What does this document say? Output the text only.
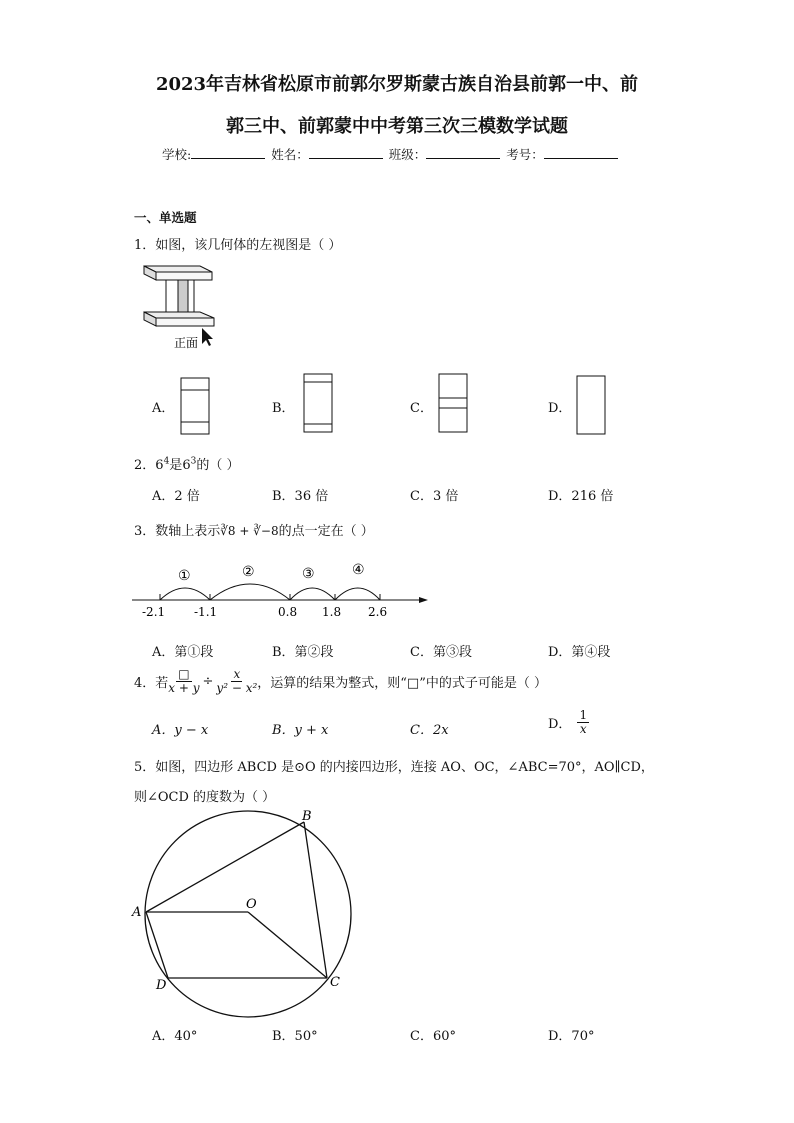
2023年吉林省松原市前郭尔罗斯蒙古族自治县前郭一中、前
郭三中、前郭蒙中中考第三次三模数学试题
学校:	姓名：	班级：	考号：
一、单选题
1．如图，该几何体的左视图是（ ）
正面
A．	B．	C．	D．
2．$6^4$是$6^3$的（ ）
A．2 倍	B．36 倍	C．3 倍	D．216 倍
3．数轴上表示∛8 + ∛−8的点一定在（ ）
①	②	③	④
-2.1 -1.1	0.8 1.8 2.6
A．第①段	B．第②段	C．第③段	D．第④段
4．若 $\frac{□}{x + y} \div \frac{x}{\text{y² − x²}}$ ，运算的结果为整式，则“□”中的式子可能是（ ）
A．y − x	B．y + x	C．2x	D． $\frac{1}{x}$
5．如图，四边形 ABCD 是⊙O 的内接四边形，连接 AO、OC，∠ABC=70°，AO∥CD，
则∠OCD 的度数为（ ）
B
A
O
D	C
A．40°	B．50°	C．60°	D．70°
